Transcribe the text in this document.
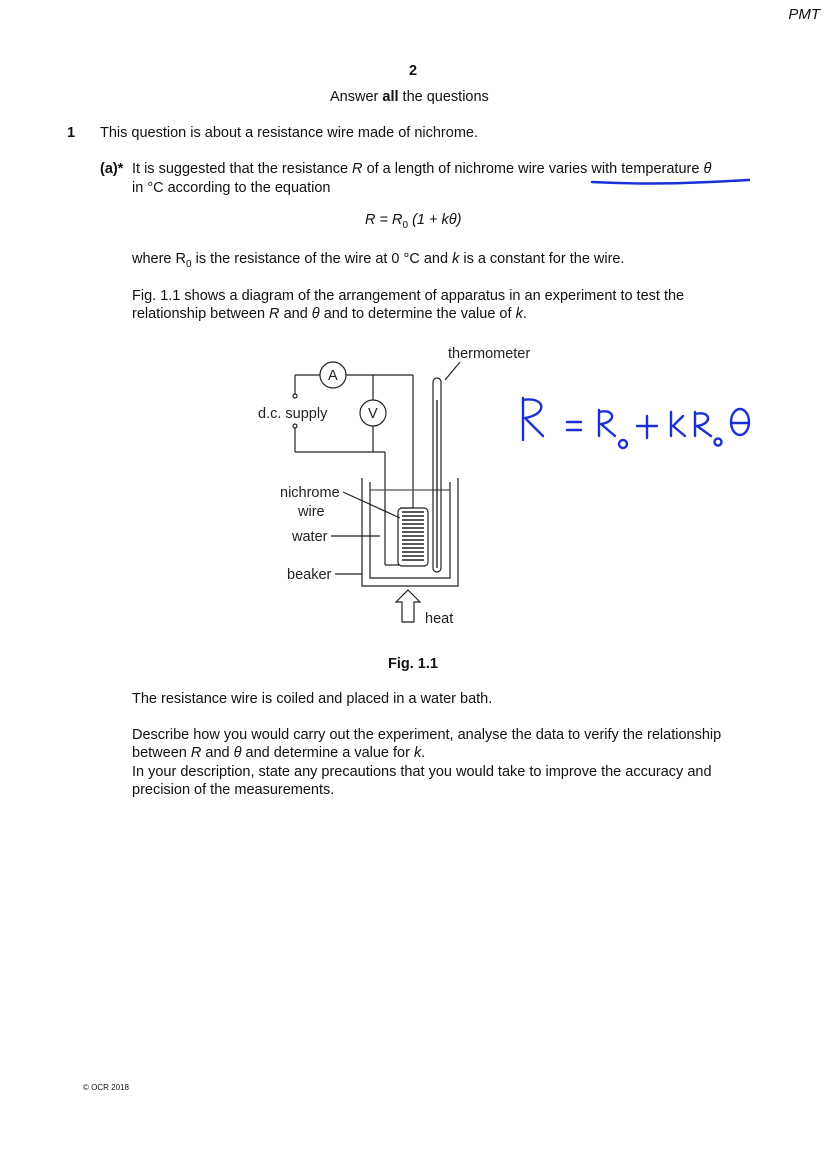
PMT
2
Answer all the questions
1 This question is about a resistance wire made of nichrome.
(a)* It is suggested that the resistance R of a length of nichrome wire varies with temperature θ
in °C according to the equation
$R = R_0$ (1 + kθ)
where $R_0$ is the resistance of the wire at 0 °C and k is a constant for the wire.
Fig. 1.1 shows a diagram of the arrangement of apparatus in an experiment to test the
relationship between R and θ and to determine the value of k.
A
V
thermometer
d.c. supply
nichrome
wire
water
beaker
heat
Fig. 1.1
The resistance wire is coiled and placed in a water bath.
Describe how you would carry out the experiment, analyse the data to verify the relationship
between R and θ and determine a value for k.
In your description, state any precautions that you would take to improve the accuracy and
precision of the measurements.
© OCR 2018
